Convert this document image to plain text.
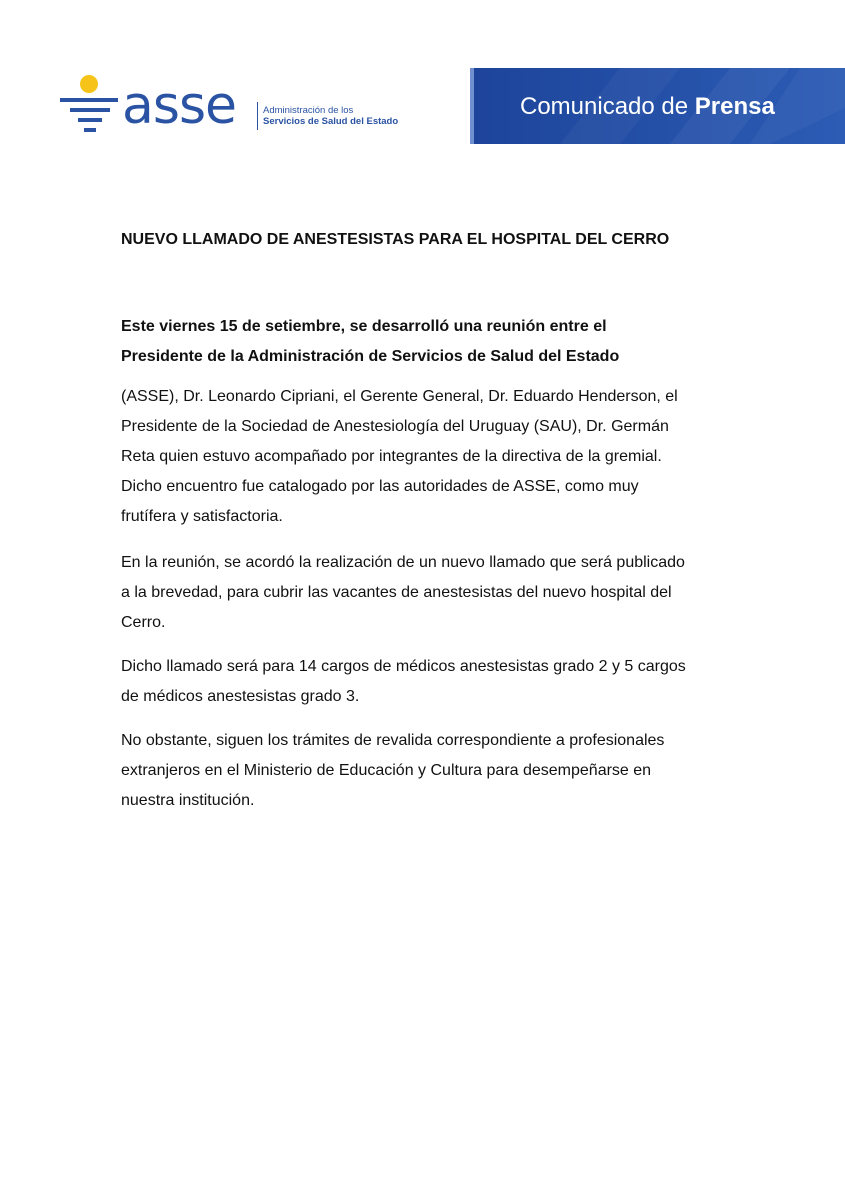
asse	Administración de los
Servicios de Salud del Estado
Comunicado de Prensa
NUEVO LLAMADO DE ANESTESISTAS PARA EL HOSPITAL DEL CERRO
Este viernes 15 de setiembre, se desarrolló una reunión entre el
Presidente de la Administración de Servicios de Salud del Estado
(ASSE), Dr. Leonardo Cipriani, el Gerente General, Dr. Eduardo Henderson, el
Presidente de la Sociedad de Anestesiología del Uruguay (SAU), Dr. Germán
Reta quien estuvo acompañado por integrantes de la directiva de la gremial.
Dicho encuentro fue catalogado por las autoridades de ASSE, como muy
frutífera y satisfactoria.
En la reunión, se acordó la realización de un nuevo llamado que será publicado
a la brevedad, para cubrir las vacantes de anestesistas del nuevo hospital del
Cerro.
Dicho llamado será para 14 cargos de médicos anestesistas grado 2 y 5 cargos
de médicos anestesistas grado 3.
No obstante, siguen los trámites de revalida correspondiente a profesionales
extranjeros en el Ministerio de Educación y Cultura para desempeñarse en
nuestra institución.
